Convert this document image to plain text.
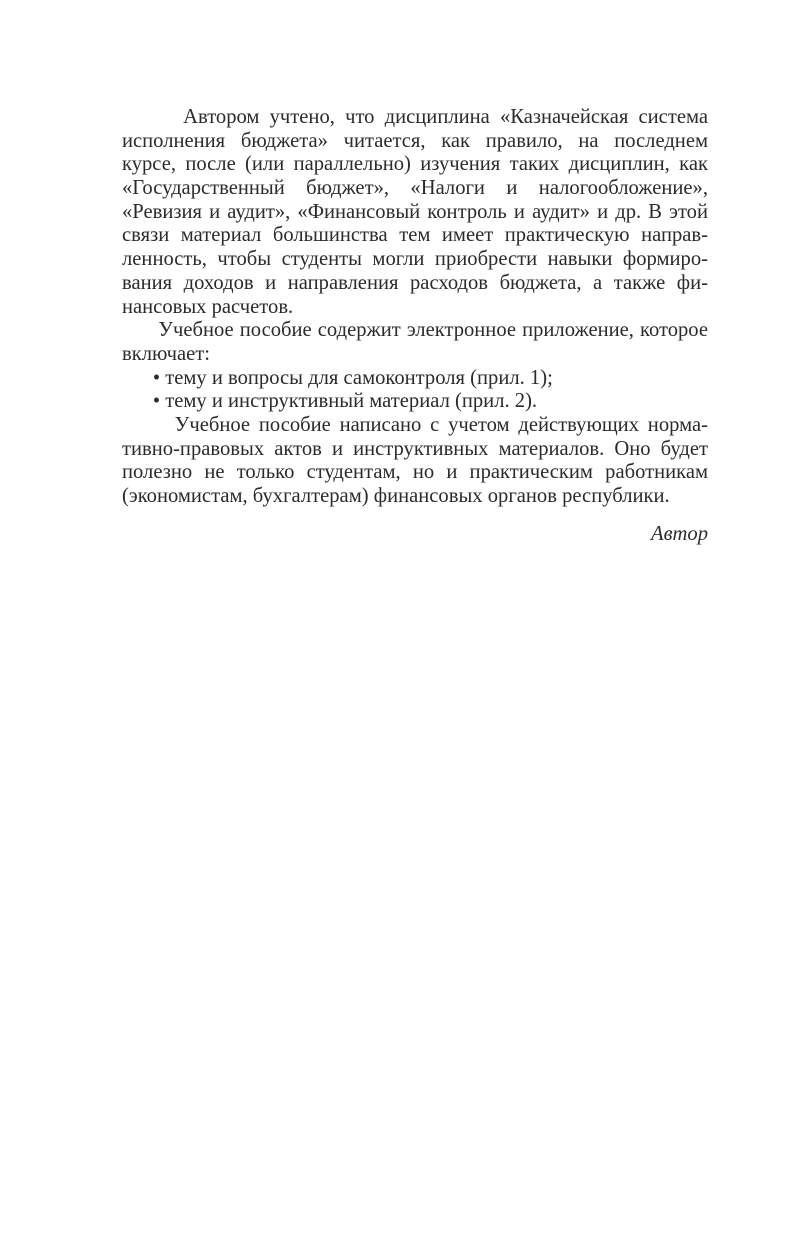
Автором учтено, что дисциплина «Казначейская система
исполнения бюджета» читается, как правило, на последнем
курсе, после (или параллельно) изучения таких дисциплин, как
«Государственный бюджет», «Налоги и налогообложение»,
«Ревизия и аудит», «Финансовый контроль и аудит» и др. В этой
связи материал большинства тем имеет практическую направ-
ленность, чтобы студенты могли приобрести навыки формиро-
вания доходов и направления расходов бюджета, а также фи-
нансовых расчетов.
Учебное пособие содержит электронное приложение, которое
включает:
• тему и вопросы для самоконтроля (прил. 1);
• тему и инструктивный материал (прил. 2).
Учебное пособие написано с учетом действующих норма-
тивно-правовых актов и инструктивных материалов. Оно будет
полезно не только студентам, но и практическим работникам
(экономистам, бухгалтерам) финансовых органов республики.
Автор
